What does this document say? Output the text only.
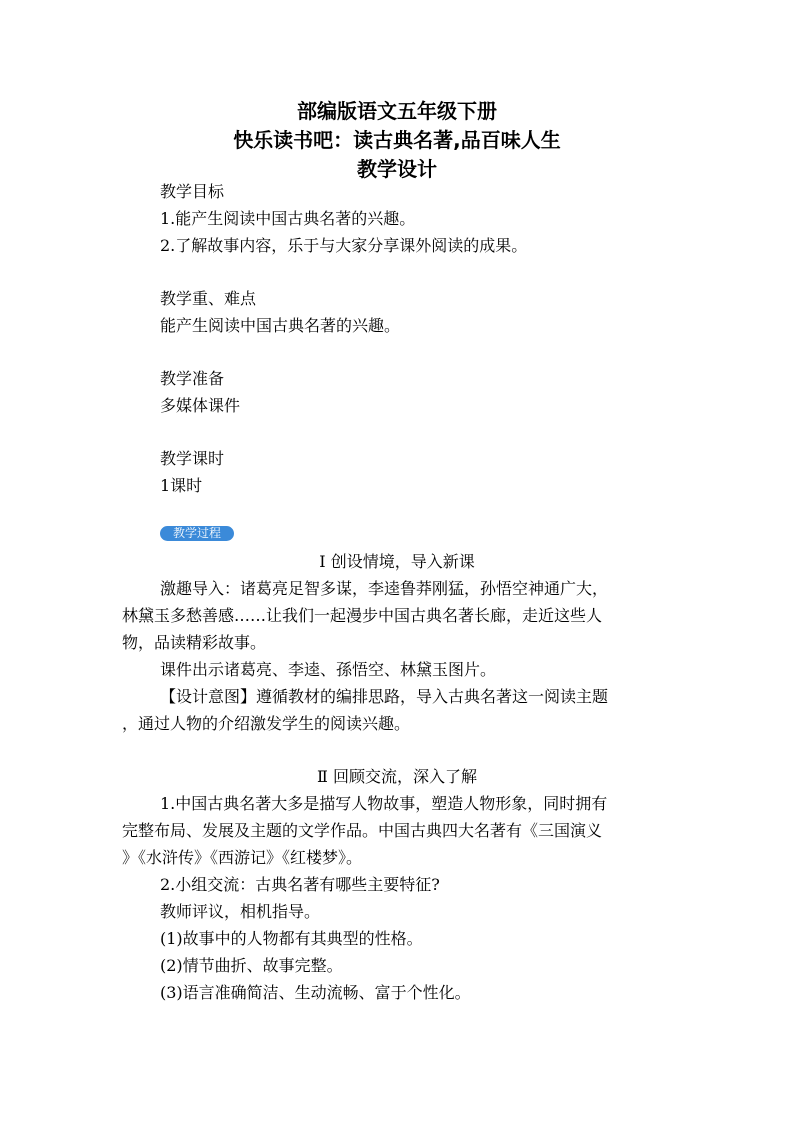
部编版语文五年级下册
快乐读书吧：读古典名著,品百味人生
教学设计
教学目标
1.能产生阅读中国古典名著的兴趣。
2.了解故事内容，乐于与大家分享课外阅读的成果。
教学重、难点
能产生阅读中国古典名著的兴趣。
教学准备
多媒体课件
教学课时
1课时
教学过程
Ⅰ 创设情境，导入新课
激趣导入：诸葛亮足智多谋，李逵鲁莽刚猛，孙悟空神通广大，
林黛玉多愁善感……让我们一起漫步中国古典名著长廊，走近这些人
物，品读精彩故事。
课件出示诸葛亮、李逵、孫悟空、林黛玉图片。
【设计意图】遵循教材的编排思路，导入古典名著这一阅读主题
，通过人物的介绍激发学生的阅读兴趣。
Ⅱ 回顾交流，深入了解
1.中国古典名著大多是描写人物故事，塑造人物形象，同时拥有
完整布局、发展及主题的文学作品。中国古典四大名著有《三国演义
》《水浒传》《西游记》《红楼梦》。
2.小组交流：古典名著有哪些主要特征?
教师评议，相机指导。
(1)故事中的人物都有其典型的性格。
(2)情节曲折、故事完整。
(3)语言准确简洁、生动流畅、富于个性化。
